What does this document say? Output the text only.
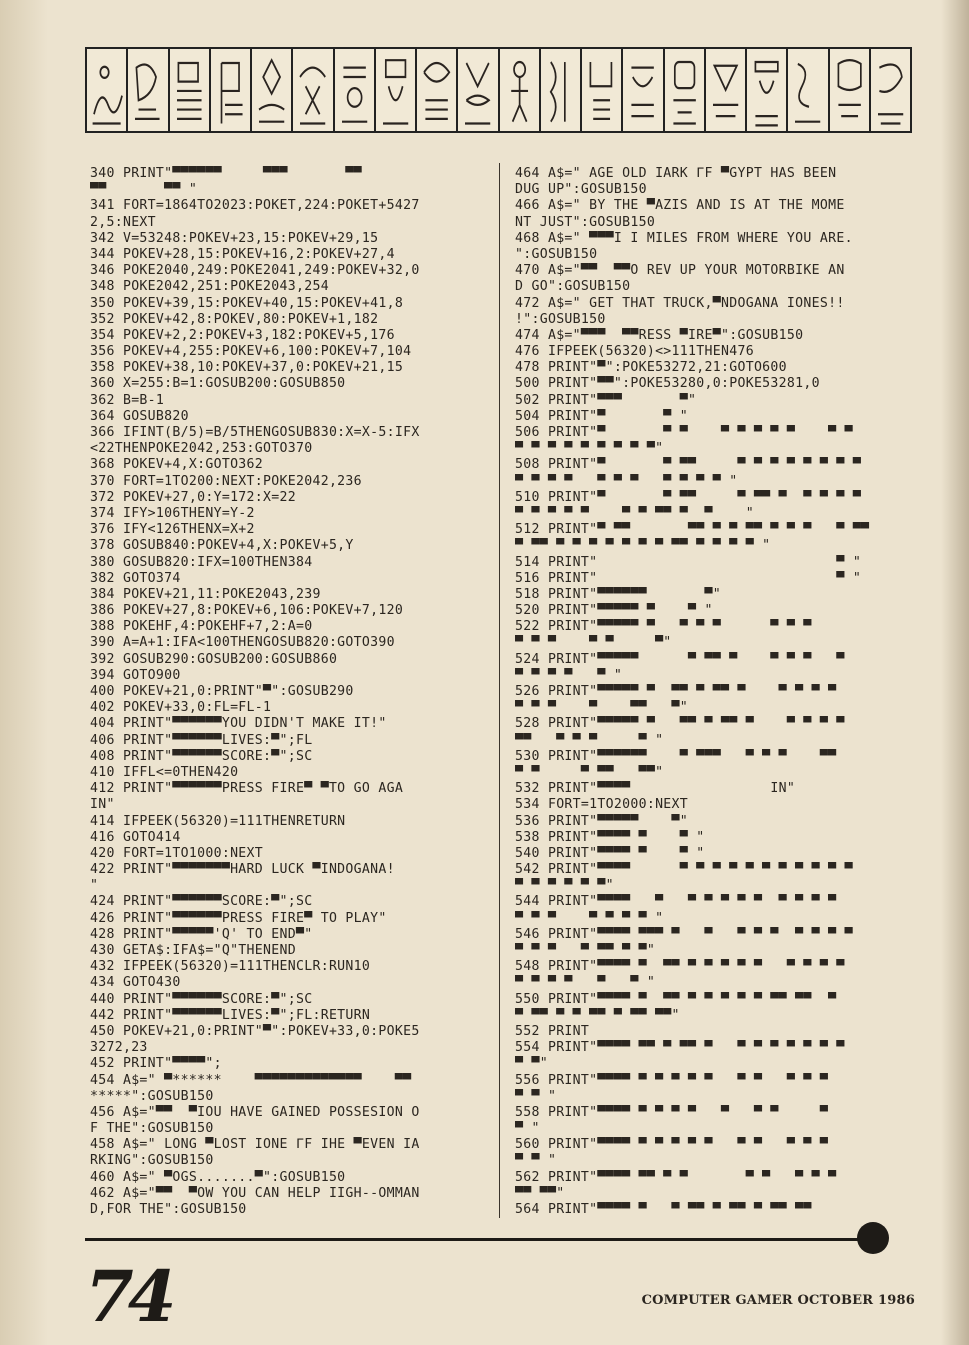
340 PRINT"▀▀▀▀▀▀     ▀▀▀       ▀▀
▀▀       ▀▀ "
341 FORT=1864TO2023:POKET,224:POKET+5427
2,5:NEXT
342 V=53248:POKEV+23,15:POKEV+29,15
344 POKEV+28,15:POKEV+16,2:POKEV+27,4
346 POKE2040,249:POKE2041,249:POKEV+32,0
348 POKE2042,251:POKE2043,254
350 POKEV+39,15:POKEV+40,15:POKEV+41,8
352 POKEV+42,8:POKEV,80:POKEV+1,182
354 POKEV+2,2:POKEV+3,182:POKEV+5,176
356 POKEV+4,255:POKEV+6,100:POKEV+7,104
358 POKEV+38,10:POKEV+37,0:POKEV+21,15
360 X=255:B=1:GOSUB200:GOSUB850
362 B=B-1
364 GOSUB820
366 IFINT(B/5)=B/5THENGOSUB830:X=X-5:IFX
<22THENPOKE2042,253:GOTO370
368 POKEV+4,X:GOTO362
370 FORT=1TO200:NEXT:POKE2042,236
372 POKEV+27,0:Y=172:X=22
374 IFY>106THENY=Y-2
376 IFY<126THENX=X+2
378 GOSUB840:POKEV+4,X:POKEV+5,Y
380 GOSUB820:IFX=100THEN384
382 GOTO374
384 POKEV+21,11:POKE2043,239
386 POKEV+27,8:POKEV+6,106:POKEV+7,120
388 POKEHF,4:POKEHF+7,2:A=0
390 A=A+1:IFA<100THENGOSUB820:GOTO390
392 GOSUB290:GOSUB200:GOSUB860
394 GOTO900
400 POKEV+21,0:PRINT"▀":GOSUB290
402 POKEV+33,0:FL=FL-1
404 PRINT"▀▀▀▀▀▀YOU DIDN'T MAKE IT!"
406 PRINT"▀▀▀▀▀▀LIVES:▀";FL
408 PRINT"▀▀▀▀▀▀SCORE:▀";SC
410 IFFL<=0THEN420
412 PRINT"▀▀▀▀▀▀PRESS FIRE▀ ▀TO GO AGA
IN"
414 IFPEEK(56320)=111THENRETURN
416 GOTO414
420 FORT=1TO1000:NEXT
422 PRINT"▀▀▀▀▀▀▀HARD LUCK ▀INDOGANA!
"
424 PRINT"▀▀▀▀▀▀SCORE:▀";SC
426 PRINT"▀▀▀▀▀▀PRESS FIRE▀ TO PLAY"
428 PRINT"▀▀▀▀▀'Q' TO END▀"
430 GETA$:IFA$="Q"THENEND
432 IFPEEK(56320)=111THENCLR:RUN10
434 GOTO430
440 PRINT"▀▀▀▀▀▀SCORE:▀";SC
442 PRINT"▀▀▀▀▀▀LIVES:▀";FL:RETURN
450 POKEV+21,0:PRINT"▀":POKEV+33,0:POKE5
3272,23
452 PRINT"▀▀▀▀";
454 A$=" ▀******    ▀▀▀▀▀▀▀▀▀▀▀▀▀    ▀▀
*****":GOSUB150
456 A$="▀▀  ▀IOU HAVE GAINED POSSESION O
F THE":GOSUB150
458 A$=" LONG ▀LOST IONE ΓF IHE ▀EVEN IA
RKING":GOSUB150
460 A$=" ▀OGS.......▀":GOSUB150
462 A$="▀▀  ▀OW YOU CAN HELP IIGH--OMMAN
D,FOR THE":GOSUB150
464 A$=" AGE OLD IARK ΓF ▀GYPT HAS BEEN
DUG UP":GOSUB150
466 A$=" BY THE ▀AZIS AND IS AT THE MOME
NT JUST":GOSUB150
468 A$=" ▀▀▀I I MILES FROM WHERE YOU ARE.
":GOSUB150
470 A$="▀▀  ▀▀O REV UP YOUR MOTORBIKE AN
D GO":GOSUB150
472 A$=" GET THAT TRUCK,▀NDOGANA IONES!!
!":GOSUB150
474 A$="▀▀▀  ▀▀RESS ▀IRE▀":GOSUB150
476 IFPEEK(56320)<>111THEN476
478 PRINT"▀":POKE53272,21:GOTO600
500 PRINT"▀▀":POKE53280,0:POKE53281,0
502 PRINT"▀▀▀       ▀"
504 PRINT"▀       ▀ "
506 PRINT"▀       ▀ ▀    ▀ ▀ ▀ ▀ ▀    ▀ ▀
▀ ▀ ▀ ▀ ▀ ▀ ▀ ▀ ▀"
508 PRINT"▀       ▀ ▀▀     ▀ ▀ ▀ ▀ ▀ ▀ ▀ ▀
▀ ▀ ▀ ▀   ▀ ▀ ▀   ▀ ▀ ▀ ▀ "
510 PRINT"▀       ▀ ▀▀     ▀ ▀▀ ▀  ▀ ▀ ▀ ▀
▀ ▀ ▀ ▀ ▀    ▀ ▀ ▀▀ ▀  ▀    "
512 PRINT"▀ ▀▀       ▀▀ ▀ ▀ ▀▀ ▀ ▀ ▀   ▀ ▀▀
▀ ▀▀ ▀ ▀ ▀ ▀ ▀ ▀ ▀ ▀▀ ▀ ▀ ▀ ▀ "
514 PRINT"                             ▀ "
516 PRINT"                             ▀ "
518 PRINT"▀▀▀▀▀▀       ▀"
520 PRINT"▀▀▀▀▀ ▀    ▀ "
522 PRINT"▀▀▀▀▀ ▀   ▀ ▀ ▀      ▀ ▀ ▀
▀ ▀ ▀    ▀ ▀     ▀"
524 PRINT"▀▀▀▀▀      ▀ ▀▀ ▀    ▀ ▀ ▀   ▀
▀ ▀ ▀ ▀   ▀ "
526 PRINT"▀▀▀▀▀ ▀  ▀▀ ▀ ▀▀ ▀    ▀ ▀ ▀ ▀
▀ ▀ ▀    ▀    ▀▀   ▀"
528 PRINT"▀▀▀▀▀ ▀   ▀▀ ▀ ▀▀ ▀    ▀ ▀ ▀ ▀
▀▀   ▀ ▀ ▀     ▀ "
530 PRINT"▀▀▀▀▀▀    ▀ ▀▀▀   ▀ ▀ ▀    ▀▀
▀ ▀     ▀ ▀▀   ▀▀"
532 PRINT"▀▀▀▀                 IN"
534 FORT=1TO2000:NEXT
536 PRINT"▀▀▀▀▀    ▀"
538 PRINT"▀▀▀▀ ▀    ▀ "
540 PRINT"▀▀▀▀ ▀    ▀ "
542 PRINT"▀▀▀▀      ▀ ▀ ▀ ▀ ▀ ▀ ▀ ▀ ▀ ▀ ▀
▀ ▀ ▀ ▀ ▀ ▀"
544 PRINT"▀▀▀▀   ▀   ▀ ▀ ▀ ▀ ▀  ▀ ▀ ▀ ▀
▀ ▀ ▀    ▀ ▀ ▀ ▀ "
546 PRINT"▀▀▀▀ ▀▀▀ ▀   ▀   ▀ ▀ ▀  ▀ ▀ ▀ ▀
▀ ▀ ▀   ▀ ▀▀ ▀ ▀"
548 PRINT"▀▀▀▀ ▀  ▀▀ ▀ ▀ ▀ ▀ ▀   ▀ ▀ ▀ ▀
▀ ▀ ▀ ▀   ▀   ▀ "
550 PRINT"▀▀▀▀ ▀  ▀▀ ▀ ▀ ▀ ▀ ▀ ▀▀ ▀▀  ▀
▀ ▀▀ ▀ ▀ ▀▀ ▀ ▀▀ ▀▀"
552 PRINT
554 PRINT"▀▀▀▀ ▀▀ ▀ ▀▀ ▀   ▀ ▀ ▀ ▀ ▀ ▀ ▀
▀ ▀"
556 PRINT"▀▀▀▀ ▀ ▀ ▀ ▀ ▀   ▀ ▀   ▀ ▀ ▀
▀ ▀ "
558 PRINT"▀▀▀▀ ▀ ▀ ▀ ▀   ▀   ▀ ▀     ▀
▀ "
560 PRINT"▀▀▀▀ ▀ ▀ ▀ ▀ ▀   ▀ ▀   ▀ ▀ ▀
▀ ▀ "
562 PRINT"▀▀▀▀ ▀▀ ▀ ▀       ▀ ▀   ▀ ▀ ▀
▀▀ ▀▀"
564 PRINT"▀▀▀▀ ▀   ▀ ▀▀ ▀ ▀▀ ▀ ▀▀ ▀▀
74	COMPUTER GAMER OCTOBER 1986
